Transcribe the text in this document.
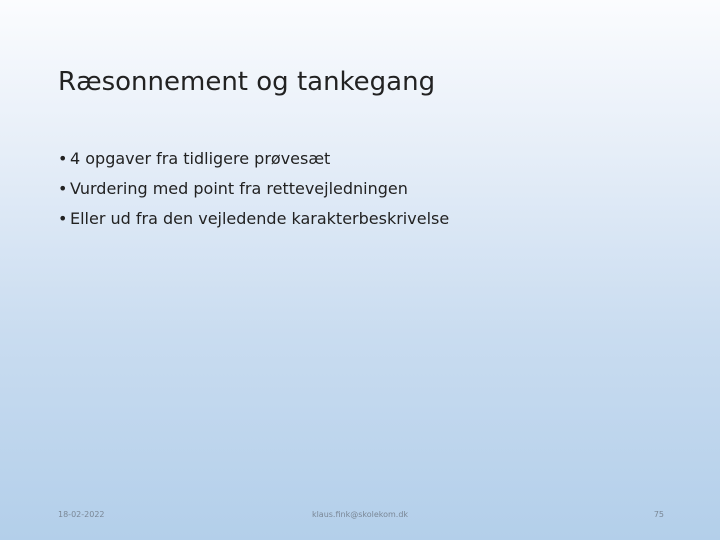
Ræsonnement og tankegang
• 4 opgaver fra tidligere prøvesæt
• Vurdering med point fra rettevejledningen
• Eller ud fra den vejledende karakterbeskrivelse
18-02-2022	klaus.fink@skolekom.dk	75
